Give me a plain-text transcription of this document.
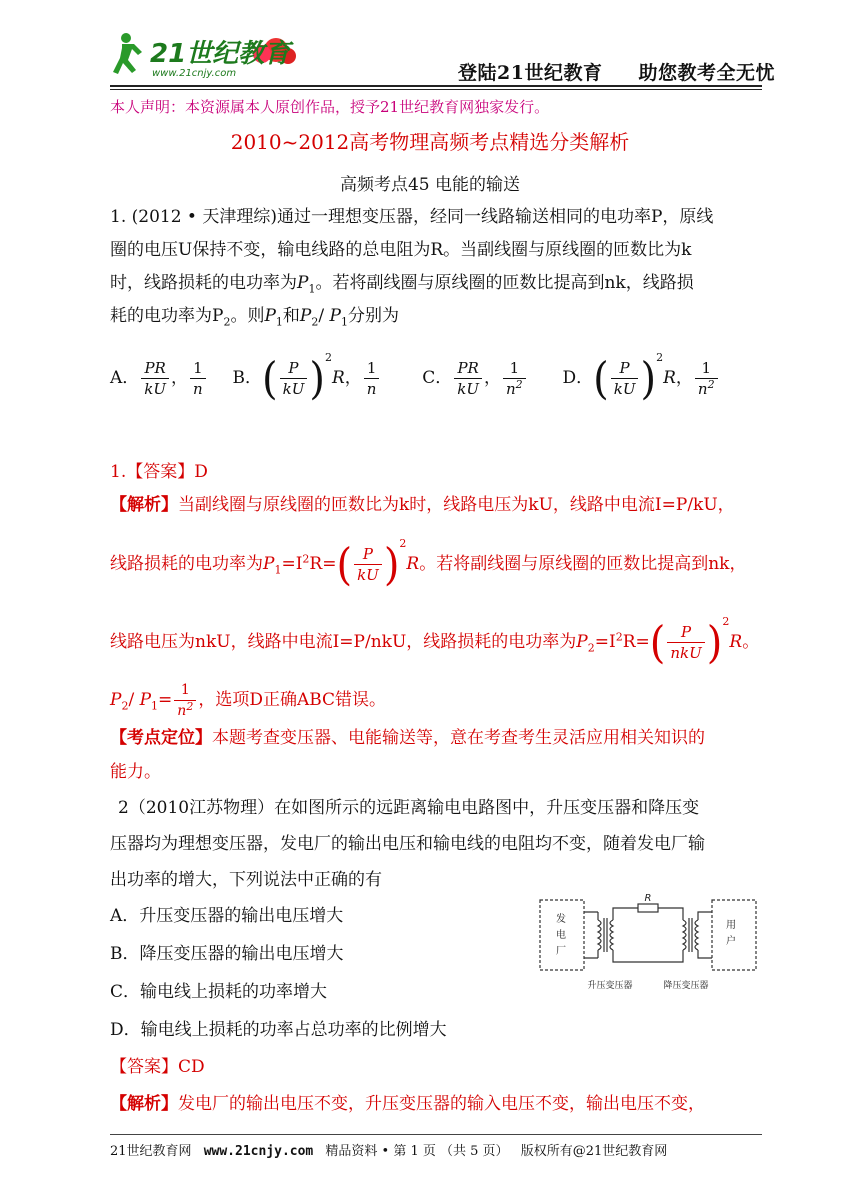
21世纪教育
www.21cnjy.com	登陆21世纪教育 助您教考全无忧
本人声明：本资源属本人原创作品，授予21世纪教育网独家发行。
2010~2012高考物理高频考点精选分类解析
高频考点45 电能的输送
1. (2012 • 天津理综)通过一理想变压器，经同一线路输送相同的电功率P，原线
圈的电压U保持不变，输电线路的总电阻为R。当副线圈与原线圈的匝数比为k
时，线路损耗的电功率为$P_1$。若将副线圈与原线圈的匝数比提高到nk，线路损
耗的电功率为$P_2$。则$P_1$和$P_2/$ $P_1$分别为
A． $\frac{PR}{kU}$ ， $\frac{1}{n}$ B．( $\frac{P}{kU} )2R$， $\frac{1}{n}$	C． $\frac{PR}{kU}$ ， $\frac{1}{n2}$ D．( $\frac{P}{kU} )2R$， $\frac{1}{n2}$
1.【答案】D
【解析】当副线圈与原线圈的匝数比为k时，线路电压为kU，线路中电流I=P/kU，
线路损耗的电功率为$P_1=I^2R=( \frac{P}{kU} )2R$。若将副线圈与原线圈的匝数比提高到nk，
线路电压为nkU，线路中电流I=P/nkU，线路损耗的电功率为$P_2=I^2R=( \frac{P}{\text{nkU}} )2R$。
$P_2/$ $P_1= \frac{1}{n2}$ ，选项D正确ABC错误。
【考点定位】本题考查变压器、电能输送等，意在考查考生灵活应用相关知识的
能力。
2（2010江苏物理）在如图所示的远距离输电电路图中，升压变压器和降压变
压器均为理想变压器，发电厂的输出电压和输电线的电阻均不变，随着发电厂输
出功率的增大，下列说法中正确的有
A．升压变压器的输出电压增大
B．降压变压器的输出电压增大
C．输电线上损耗的功率增大
D．输电线上损耗的功率占总功率的比例增大
【答案】CD
【解析】发电厂的输出电压不变，升压变压器的输入电压不变，输出电压不变，
发
电
厂
R
用
户
升压变压器	降压变压器
21世纪教育网 www.21cnjy.com 精品资料 • 第 1 页 （共 5 页） 版权所有@21世纪教育网
